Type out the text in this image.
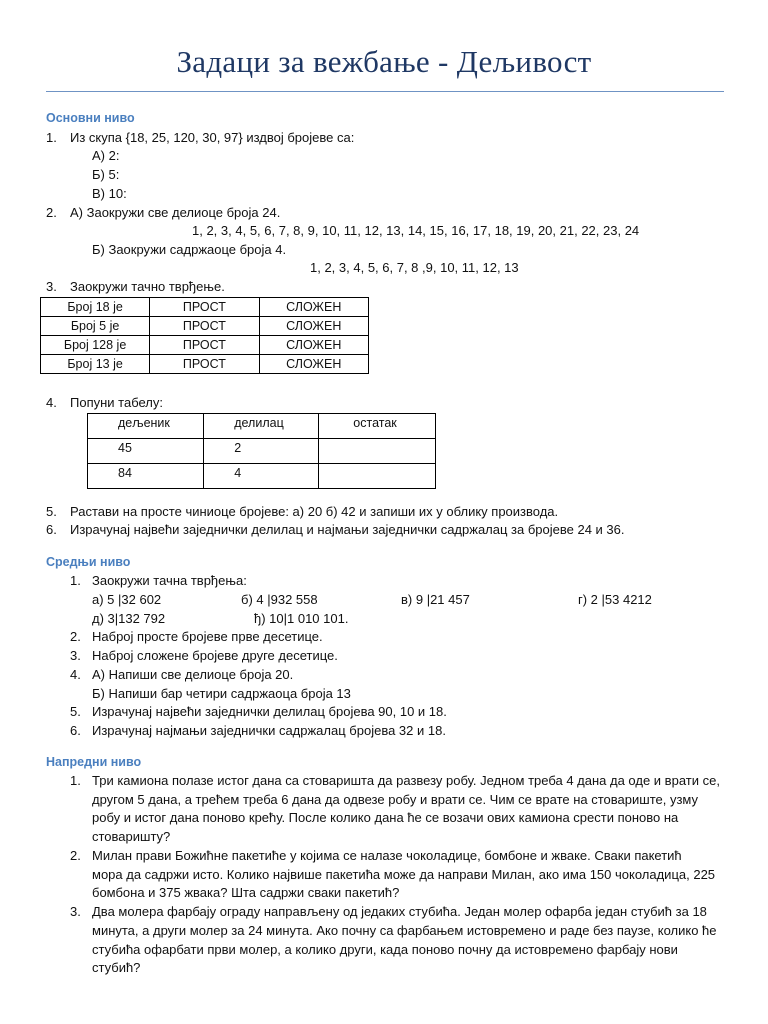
Задаци за вежбање - Дељивост
Основни ниво
1. Из скупа {18, 25, 120, 30, 97} издвој бројеве са:
А) 2:
Б) 5:
В) 10:
2. А) Заокружи све делиоце броја 24.
1, 2, 3, 4, 5, 6, 7, 8, 9, 10, 11, 12, 13, 14, 15, 16, 17, 18, 19, 20, 21, 22, 23, 24
Б) Заокружи садржаоце броја 4.
1, 2, 3, 4, 5, 6, 7, 8 ,9, 10, 11, 12, 13
3. Заокружи тачно тврђење.
Број 18 је	ПРОСТ	СЛОЖЕН
Број 5 је	ПРОСТ	СЛОЖЕН
Број 128 је	ПРОСТ	СЛОЖЕН
Број 13 је	ПРОСТ	СЛОЖЕН
4. Попуни табелу:
дељеник	делилац	остатак
45	2	
84	4	
5. Растави на просте чиниоце бројеве: а) 20 б) 42 и запиши их у облику производа.
6. Израчунај највећи заједнички делилац и најмањи заједнички садржалац за бројеве 24 и 36.
Средњи ниво
1. Заокружи тачна тврђења:
а) 5 |32 602	б) 4 |932 558	в) 9 |21 457	г) 2 |53 4212
д) 3|132 792	ђ) 10|1 010 101.
2. Наброј просте бројеве прве десетице.
3. Наброј сложене бројеве друге десетице.
4. А) Напиши све делиоце броја 20.
Б) Напиши бар четири садржаоца броја 13
5. Израчунај највећи заједнички делилац бројева 90, 10 и 18.
6. Израчунај најмањи заједнички садржалац бројева 32 и 18.
Напредни ниво
1. Три камиона полазе истог дана са стоваришта да развезу робу. Једном треба 4 дана да оде и врати се,
другом 5 дана, а трећем треба 6 дана да одвезе робу и врати се. Чим се врате на стовариште, узму
робу и истог дана поново крећу. После колико дана ће се возачи ових камиона срести поново на
стоваришту?
2. Милан прави Божићне пакетиће у којима се налазе чоколадице, бомбоне и жваке. Сваки пакетић
мора да садржи исто. Колико највише пакетића може да направи Милан, ако има 150 чоколадица, 225
бомбона и 375 жвака? Шта садржи сваки пакетић?
3. Два молера фарбају ограду направљену од једаких стубића. Један молер офарба један стубић за 18
минута, а други молер за 24 минута. Ако почну са фарбањем истовремено и раде без паузе, колико ће
стубића офарбати први молер, а колико други, када поново почну да истовремено фарбају нови
стубић?
